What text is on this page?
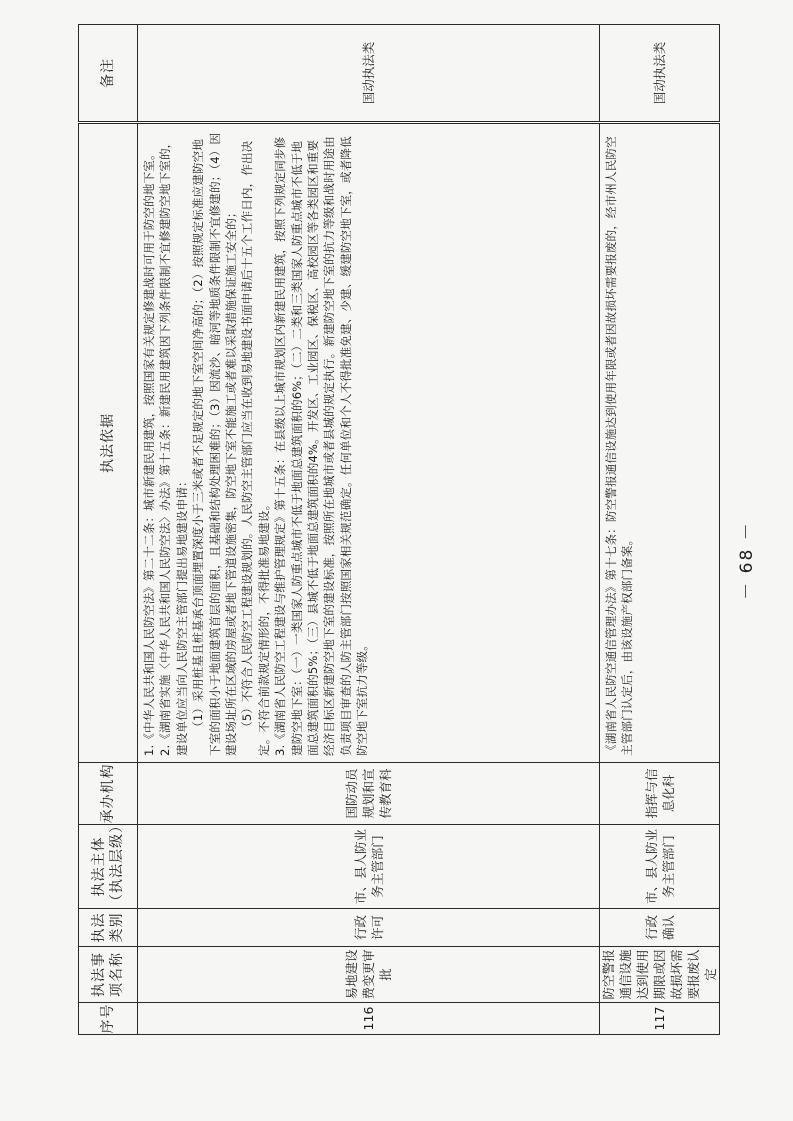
序号	执法事项名称	执法类别	执法主体（执法层级）	承办机构	执法依据	备注
116	易地建设费变更审批	行政许可	市、县人防业务主管部门	国防动员规划和宣传教育科	1.《中华人民共和国人民防空法》第二十二条：城市新建民用建筑，按照国家有关规定修建战时可用于防空的地下室。 2.《湖南省实施〈中华人民共和国人民防空法〉办法》第十五条：新建民用建筑因下列条件限制不宜修建防空地下室的，建设单位应当向人民防空主管部门提出易地建设申请： （1）采用桩基且桩基承台顶面埋置深度小于三米或者不足规定的地下室空间净高的；（2）按照规定标准应建防空地下室的面积小于地面建筑首层的面积，且基础和结构处理困难的；（3）因流沙、暗河等地质条件限制不宜修建的；（4）因建设场址所在区域的房屋或者地下管道设施密集，防空地下室不能施工或者难以采取措施保证施工安全的； （5）不符合人民防空工程建设规划的。人民防空主管部门应当在收到易地建设书面申请后十五个工作日内，作出决定。不符合前款规定情形的，不得批准易地建设。 3.《湖南省人民防空工程建设与维护管理规定》第十五条：在县级以上城市规划区内新建民用建筑，按照下列规定同步修建防空地下室：（一）一类国家人防重点城市不低于地面总建筑面积的6%；（二）二类和三类国家人防重点城市不低于地面总建筑面积的5%；（三）县城不低于地面总建筑面积的4%。开发区、工业园区、保税区、高校园区等各类园区和重要经济目标区新建防空地下室的建设标准，按照所在地城市或者县城的规定执行。新建防空地下室的抗力等级和战时用途由负责项目审查的人防主管部门按照国家相关规范确定。任何单位和个人不得批准免建、少建、缓建防空地下室，或者降低防空地下室抗力等级。	国动执法类
117	防空警报通信设施达到使用期限或因故损坏需要报废认定	行政确认	市、县人防业务主管部门	指挥与信息化科	《湖南省人民防空通信管理办法》第十七条：防空警报通信设施达到使用年限或者因故损坏需要报废的，经市州人民防空主管部门认定后，由该设施产权部门备案。	国动执法类
－ 68 －
